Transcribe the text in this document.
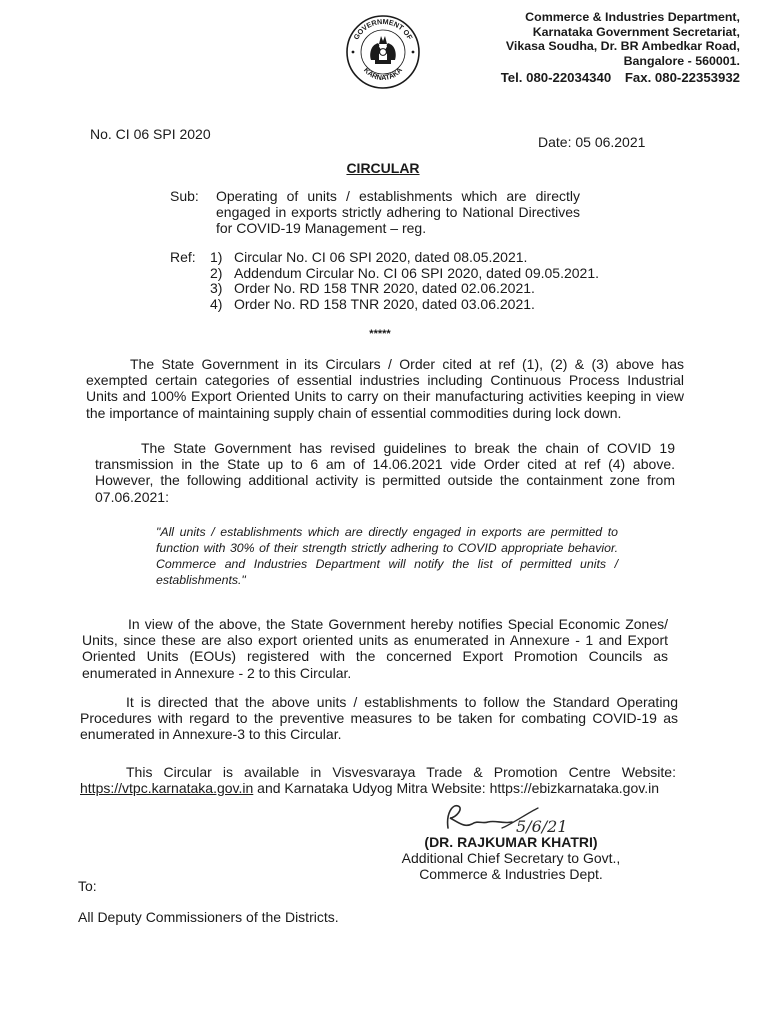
GOVERNMENT OF
KARNATAKA
Commerce & Industries Department,
Karnataka Government Secretariat,
Vikasa Soudha, Dr. BR Ambedkar Road,
Bangalore - 560001.
Tel. 080-22034340 Fax. 080-22353932
No. CI 06 SPI 2020	Date: 05 06.2021
CIRCULAR
Sub: Operating of units / establishments which are directly engaged in exports strictly adhering to National Directives for COVID-19 Management – reg.
Ref: 1) Circular No. CI 06 SPI 2020, dated 08.05.2021.
2) Addendum Circular No. CI 06 SPI 2020, dated 09.05.2021.
3) Order No. RD 158 TNR 2020, dated 02.06.2021.
4) Order No. RD 158 TNR 2020, dated 03.06.2021.
*****
The State Government in its Circulars / Order cited at ref (1), (2) & (3) above has exempted certain categories of essential industries including Continuous Process Industrial Units and 100% Export Oriented Units to carry on their manufacturing activities keeping in view the importance of maintaining supply chain of essential commodities during lock down.
The State Government has revised guidelines to break the chain of COVID 19 transmission in the State up to 6 am of 14.06.2021 vide Order cited at ref (4) above. However, the following additional activity is permitted outside the containment zone from 07.06.2021:
"All units / establishments which are directly engaged in exports are permitted to function with 30% of their strength strictly adhering to COVID appropriate behavior. Commerce and Industries Department will notify the list of permitted units / establishments."
In view of the above, the State Government hereby notifies Special Economic Zones/ Units, since these are also export oriented units as enumerated in Annexure - 1 and Export Oriented Units (EOUs) registered with the concerned Export Promotion Councils as enumerated in Annexure - 2 to this Circular.
It is directed that the above units / establishments to follow the Standard Operating Procedures with regard to the preventive measures to be taken for combating COVID-19 as enumerated in Annexure-3 to this Circular.
This Circular is available in Visvesvaraya Trade & Promotion Centre Website: https://vtpc.karnataka.gov.in and Karnataka Udyog Mitra Website: https://ebizkarnataka.gov.in
5/6/21
(DR. RAJKUMAR KHATRI)
Additional Chief Secretary to Govt.,
Commerce & Industries Dept.
To:
All Deputy Commissioners of the Districts.
